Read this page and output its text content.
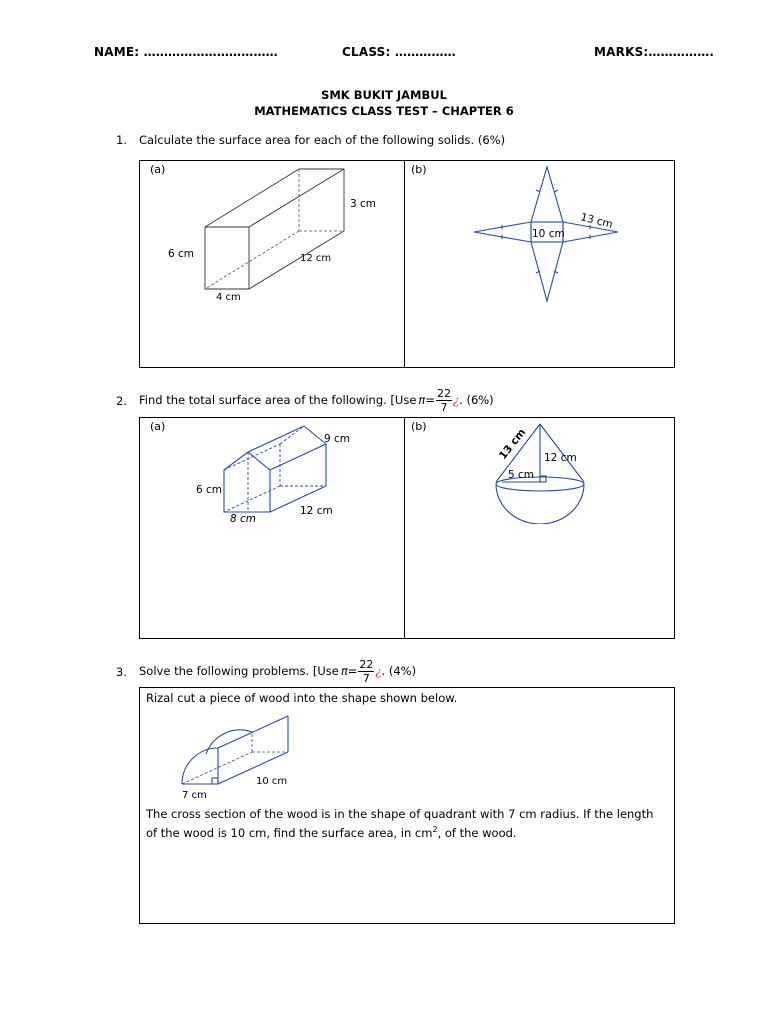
NAME: ……………………………	CLASS: ……………	MARKS:…………….
SMK BUKIT JAMBUL
MATHEMATICS CLASS TEST – CHAPTER 6
1. Calculate the surface area for each of the following solids. (6%)
(a)	(b)
3 cm
6 cm	12 cm
4 cm
10 cm
13 cm
2. Find the total surface area of the following. [Use $\pi= \frac{22}{7}$ ¿ . (6%)
(a)	(b)
9 cm
6 cm
8 cm
12 cm
13 cm 12 cm
5 cm
3. Solve the following problems. [Use $\pi= \frac{22}{7}$ ¿ . (4%)
Rizal cut a piece of wood into the shape shown below.
10 cm
7 cm
The cross section of the wood is in the shape of quadrant with 7 cm radius. If the length of the wood is 10 cm, find the surface area, in $cm^2$, of the wood.
